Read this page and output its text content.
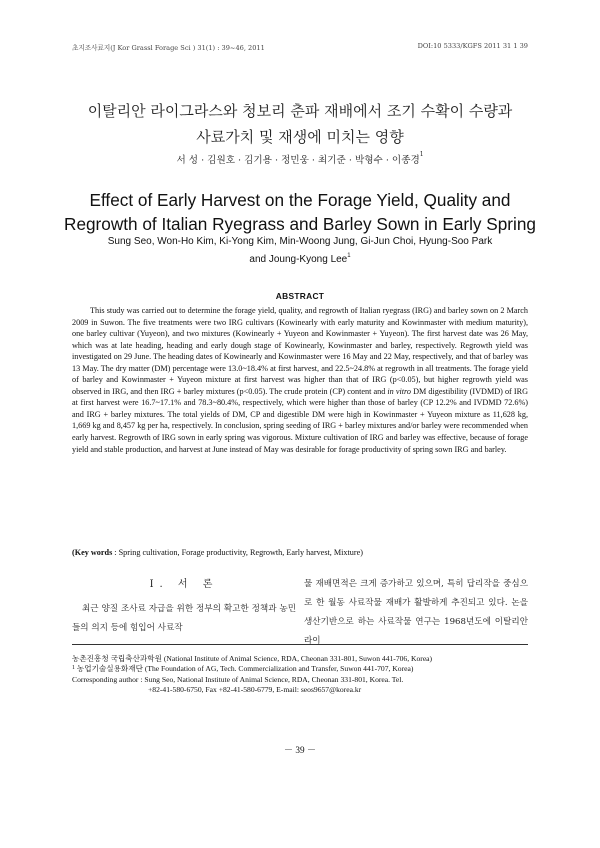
초지조사료지(J Kor Grassl Forage Sci ) 31(1) : 39~46, 2011	DOI:10 5333/KGFS 2011 31 1 39
이탈리안 라이그라스와 청보리 춘파 재배에서 조기 수확이 수량과
사료가치 및 재생에 미치는 영향
서 성 · 김원호 · 김기용 · 정민웅 · 최기준 · 박형수 · 이종경$^1$
Effect of Early Harvest on the Forage Yield, Quality and
Regrowth of Italian Ryegrass and Barley Sown in Early Spring
Sung Seo, Won-Ho Kim, Ki-Yong Kim, Min-Woong Jung, Gi-Jun Choi, Hyung-Soo Park
and Joung-Kyong Lee$^1$
ABSTRACT

This study was carried out to determine the forage yield, quality, and regrowth of Italian ryegrass (IRG) and barley sown on 2 March 2009 in Suwon. The five treatments were two IRG cultivars (Kowinearly with early maturity and Kowinmaster with medium maturity), one barley cultivar (Yuyeon), and two mixtures (Kowinearly + Yuyeon and Kowinmaster + Yuyeon). The first harvest date was 26 May, which was at late heading, heading and early dough stage of Kowinearly, Kowinmaster and barley, respectively. Regrowth yield was investigated on 29 June. The heading dates of Kowinearly and Kowinmaster were 16 May and 22 May, respectively, and that of barley was 13 May. The dry matter (DM) percentage were 13.0~18.4% at first harvest, and 22.5~24.8% at regrowth in all treatments. The forage yield of barley and Kowinmaster + Yuyeon mixture at first harvest was higher than that of IRG (p<0.05), but higher regrowth yield was observed in IRG, and then IRG + barley mixtures (p<0.05). The crude protein (CP) content and in vitro DM digestibility (IVDMD) of IRG at first harvest were 16.7~17.1% and 78.3~80.4%, respectively, which were higher than those of barley (CP 12.2% and IVDMD 72.6%) and IRG + barley mixtures. The total yields of DM, CP and digestible DM were high in Kowinmaster + Yuyeon mixture as 11,628 kg, 1,669 kg and 8,457 kg per ha, respectively. In conclusion, spring seeding of IRG + barley mixtures and/or barley were recommended when early harvest. Regrowth of IRG sown in early spring was vigorous. Mixture cultivation of IRG and barley was effective, because of forage yield and stable production, and harvest at June instead of May was desirable for forage productivity of spring sown IRG and barley.

(Key words : Spring cultivation, Forage productivity, Regrowth, Early harvest, Mixture)
Ⅰ. 서 론

최근 양질 조사료 자급을 위한 정부의 확고한 정책과 농민들의 의지 등에 힘입어 사료작

물 재배면적은 크게 증가하고 있으며, 특히 답리작을 중심으로 한 월동 사료작물 재배가 활발하게 추진되고 있다. 논을 생산기반으로 하는 사료작물 연구는 1968년도에 이탈리안 라이

농촌진흥청 국립축산과학원 (National Institute of Animal Science, RDA, Cheonan 331-801, Suwon 441-706, Korea)

$^1$ 농업기술실용화재단 (The Foundation of AG, Tech. Commercialization and Transfer, Suwon 441-707, Korea)

Corresponding author : Sung Seo, National Institute of Animal Science, RDA, Cheonan 331-801, Korea. Tel.

+82-41-580-6750, Fax +82-41-580-6779, E-mail: seos9657@korea.kr

－ 39 －
